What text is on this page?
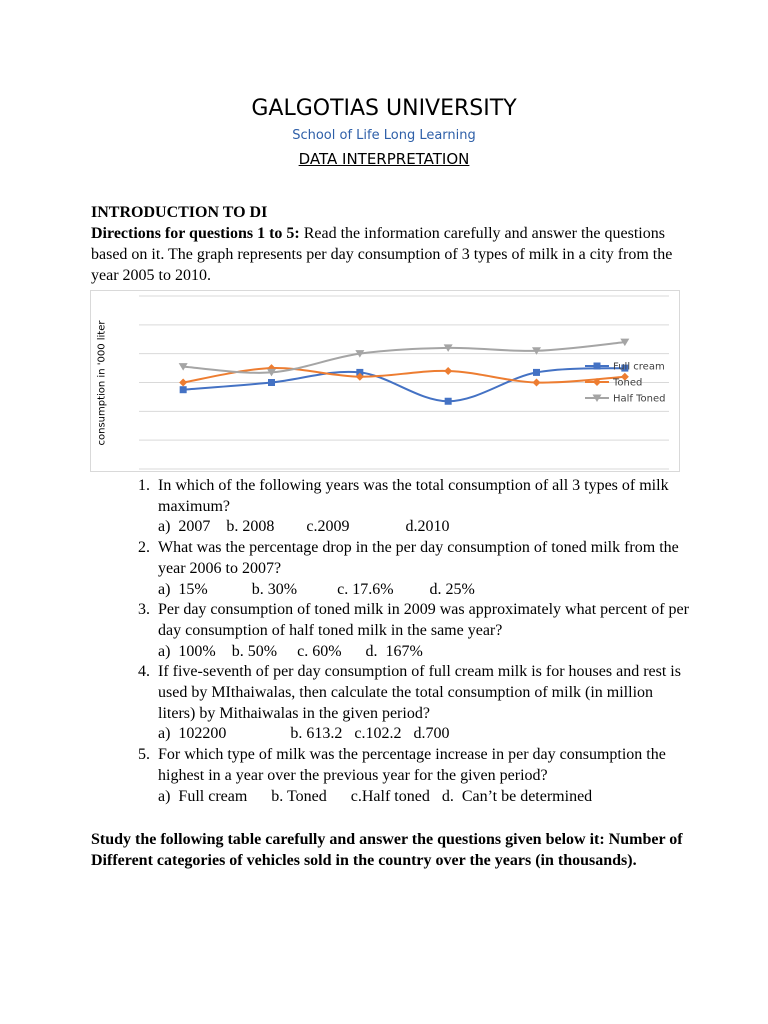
GALGOTIAS UNIVERSITY
School of Life Long Learning
DATA INTERPRETATION
INTRODUCTION TO DI
Directions for questions 1 to 5: Read the information carefully and answer the questions based on it. The graph represents per day consumption of 3 types of milk in a city from the year 2005 to 2010.
consumption in '000 liter	Full cream
Toned
Half Toned
1. In which of the following years was the total consumption of all 3 types of milk maximum?
a)  2007    b. 2008        c.2009              d.2010
2. What was the percentage drop in the per day consumption of toned milk from the year 2006 to 2007?
a)  15%           b. 30%          c. 17.6%         d. 25%
3. Per day consumption of toned milk in 2009 was approximately what percent of per day consumption of half toned milk in the same year?
a)  100%    b. 50%     c. 60%      d.  167%
4. If five-seventh of per day consumption of full cream milk is for houses and rest is used by MIthaiwalas, then calculate the total consumption of milk (in million liters) by Mithaiwalas in the given period?
a)  102200                b. 613.2   c.102.2   d.700
5. For which type of milk was the percentage increase in per day consumption the highest in a year over the previous year for the given period?
a)  Full cream      b. Toned      c.Half toned   d.  Can’t be determined
Study the following table carefully and answer the questions given below it: Number of Different categories of vehicles sold in the country over the years (in thousands).
